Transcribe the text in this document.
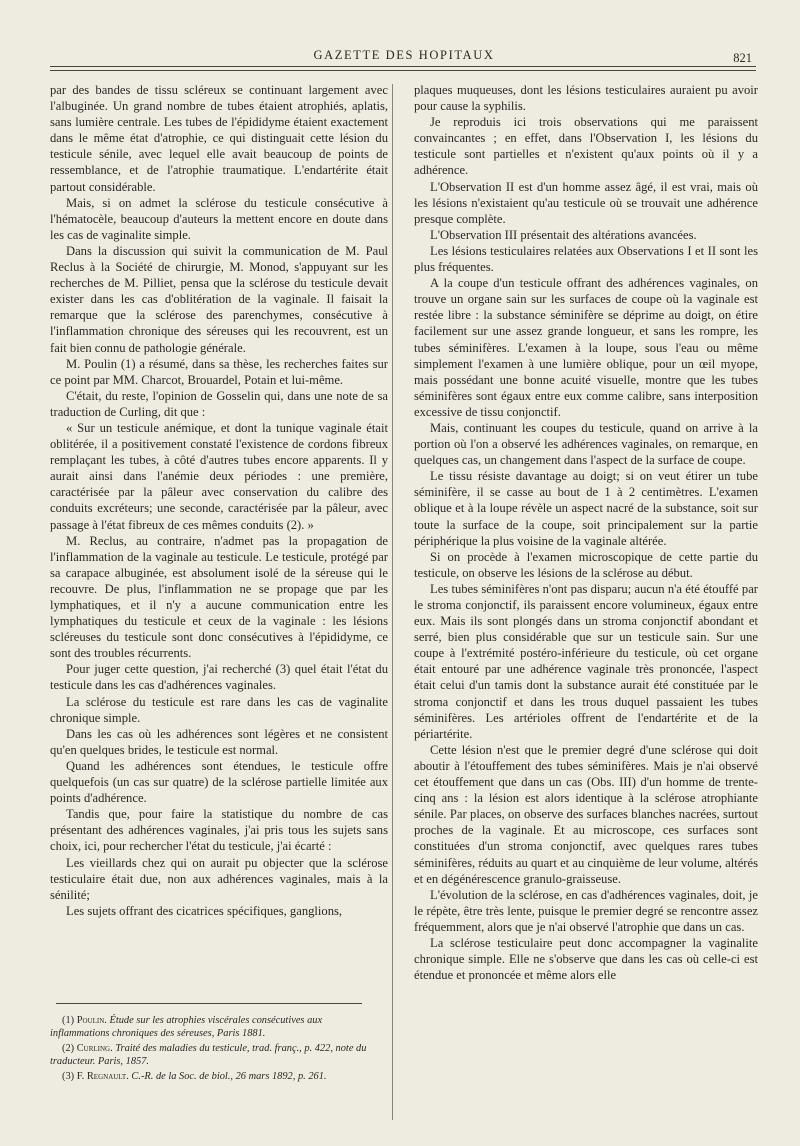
GAZETTE DES HOPITAUX	821

par des bandes de tissu scléreux se continuant largement avec l'albuginée. Un grand nombre de tubes étaient atrophiés, aplatis, sans lumière centrale. Les tubes de l'épididyme étaient exactement dans le même état d'atrophie, ce qui distinguait cette lésion du testicule sénile, avec lequel elle avait beaucoup de points de ressemblance, et de l'atrophie traumatique. L'endartérite était partout considérable.

Mais, si on admet la sclérose du testicule consécutive à l'hématocèle, beaucoup d'auteurs la mettent encore en doute dans les cas de vaginalite simple.

Dans la discussion qui suivit la communication de M. Paul Reclus à la Société de chirurgie, M. Monod, s'appuyant sur les recherches de M. Pilliet, pensa que la sclérose du testicule devait exister dans les cas d'oblitération de la vaginale. Il faisait la remarque que la sclérose des parenchymes, consécutive à l'inflammation chronique des séreuses qui les recouvrent, est un fait bien connu de pathologie générale.

M. Poulin (1) a résumé, dans sa thèse, les recherches faites sur ce point par MM. Charcot, Brouardel, Potain et lui-même.

C'était, du reste, l'opinion de Gosselin qui, dans une note de sa traduction de Curling, dit que :

« Sur un testicule anémique, et dont la tunique vaginale était oblitérée, il a positivement constaté l'existence de cordons fibreux remplaçant les tubes, à côté d'autres tubes encore apparents. Il y aurait ainsi dans l'anémie deux périodes : une première, caractérisée par la pâleur avec conservation du calibre des conduits excréteurs; une seconde, caractérisée par la pâleur, avec passage à l'état fibreux de ces mêmes conduits (2). »

M. Reclus, au contraire, n'admet pas la propagation de l'inflammation de la vaginale au testicule. Le testicule, protégé par sa carapace albuginée, est absolument isolé de la séreuse qui le recouvre. De plus, l'inflammation ne se propage que par les lymphatiques, et il n'y a aucune communication entre les lymphatiques du testicule et ceux de la vaginale : les lésions scléreuses du testicule sont donc consécutives à l'épididyme, ce sont des troubles récurrents.

Pour juger cette question, j'ai recherché (3) quel était l'état du testicule dans les cas d'adhérences vaginales.

La sclérose du testicule est rare dans les cas de vaginalite chronique simple.

Dans les cas où les adhérences sont légères et ne consistent qu'en quelques brides, le testicule est normal.

Quand les adhérences sont étendues, le testicule offre quelquefois (un cas sur quatre) de la sclérose partielle limitée aux points d'adhérence.

Tandis que, pour faire la statistique du nombre de cas présentant des adhérences vaginales, j'ai pris tous les sujets sans choix, ici, pour rechercher l'état du testicule, j'ai écarté :

Les vieillards chez qui on aurait pu objecter que la sclérose testiculaire était due, non aux adhérences vaginales, mais à la sénilité;

Les sujets offrant des cicatrices spécifiques, ganglions,

(1) Poulin. Étude sur les atrophies viscérales consécutives aux inflammations chroniques des séreuses, Paris 1881.

(2) Curling. Traité des maladies du testicule, trad. franç., p. 422, note du traducteur. Paris, 1857.

(3) F. Regnault. C.-R. de la Soc. de biol., 26 mars 1892, p. 261.

plaques muqueuses, dont les lésions testiculaires auraient pu avoir pour cause la syphilis.

Je reproduis ici trois observations qui me paraissent convaincantes ; en effet, dans l'Observation I, les lésions du testicule sont partielles et n'existent qu'aux points où il y a adhérence.

L'Observation II est d'un homme assez âgé, il est vrai, mais où les lésions n'existaient qu'au testicule où se trouvait une adhérence presque complète.

L'Observation III présentait des altérations avancées.

Les lésions testiculaires relatées aux Observations I et II sont les plus fréquentes.

A la coupe d'un testicule offrant des adhérences vaginales, on trouve un organe sain sur les surfaces de coupe où la vaginale est restée libre : la substance séminifère se déprime au doigt, on étire facilement sur une assez grande longueur, et sans les rompre, les tubes séminifères. L'examen à la loupe, sous l'eau ou même simplement l'examen à une lumière oblique, pour un œil myope, mais possédant une bonne acuité visuelle, montre que les tubes séminifères sont égaux entre eux comme calibre, sans interposition excessive de tissu conjonctif.

Mais, continuant les coupes du testicule, quand on arrive à la portion où l'on a observé les adhérences vaginales, on remarque, en quelques cas, un changement dans l'aspect de la surface de coupe.

Le tissu résiste davantage au doigt; si on veut étirer un tube séminifère, il se casse au bout de 1 à 2 centimètres. L'examen oblique et à la loupe révèle un aspect nacré de la substance, soit sur toute la surface de la coupe, soit principalement sur la partie périphérique la plus voisine de la vaginale altérée.

Si on procède à l'examen microscopique de cette partie du testicule, on observe les lésions de la sclérose au début.

Les tubes séminifères n'ont pas disparu; aucun n'a été étouffé par le stroma conjonctif, ils paraissent encore volumineux, égaux entre eux. Mais ils sont plongés dans un stroma conjonctif abondant et serré, bien plus considérable que sur un testicule sain. Sur une coupe à l'extrémité postéro-inférieure du testicule, où cet organe était entouré par une adhérence vaginale très prononcée, l'aspect était celui d'un tamis dont la substance aurait été constituée par le stroma conjonctif et dans les trous duquel passaient les tubes séminifères. Les artérioles offrent de l'endartérite et de la périartérite.

Cette lésion n'est que le premier degré d'une sclérose qui doit aboutir à l'étouffement des tubes séminifères. Mais je n'ai observé cet étouffement que dans un cas (Obs. III) d'un homme de trente-cinq ans : la lésion est alors identique à la sclérose atrophiante sénile. Par places, on observe des surfaces blanches nacrées, surtout proches de la vaginale. Et au microscope, ces surfaces sont constituées d'un stroma conjonctif, avec quelques rares tubes séminifères, réduits au quart et au cinquième de leur volume, altérés et en dégénérescence granulo-graisseuse.

L'évolution de la sclérose, en cas d'adhérences vaginales, doit, je le répète, être très lente, puisque le premier degré se rencontre assez fréquemment, alors que je n'ai observé l'atrophie que dans un cas.

La sclérose testiculaire peut donc accompagner la vaginalite chronique simple. Elle ne s'observe que dans les cas où celle-ci est étendue et prononcée et même alors elle
